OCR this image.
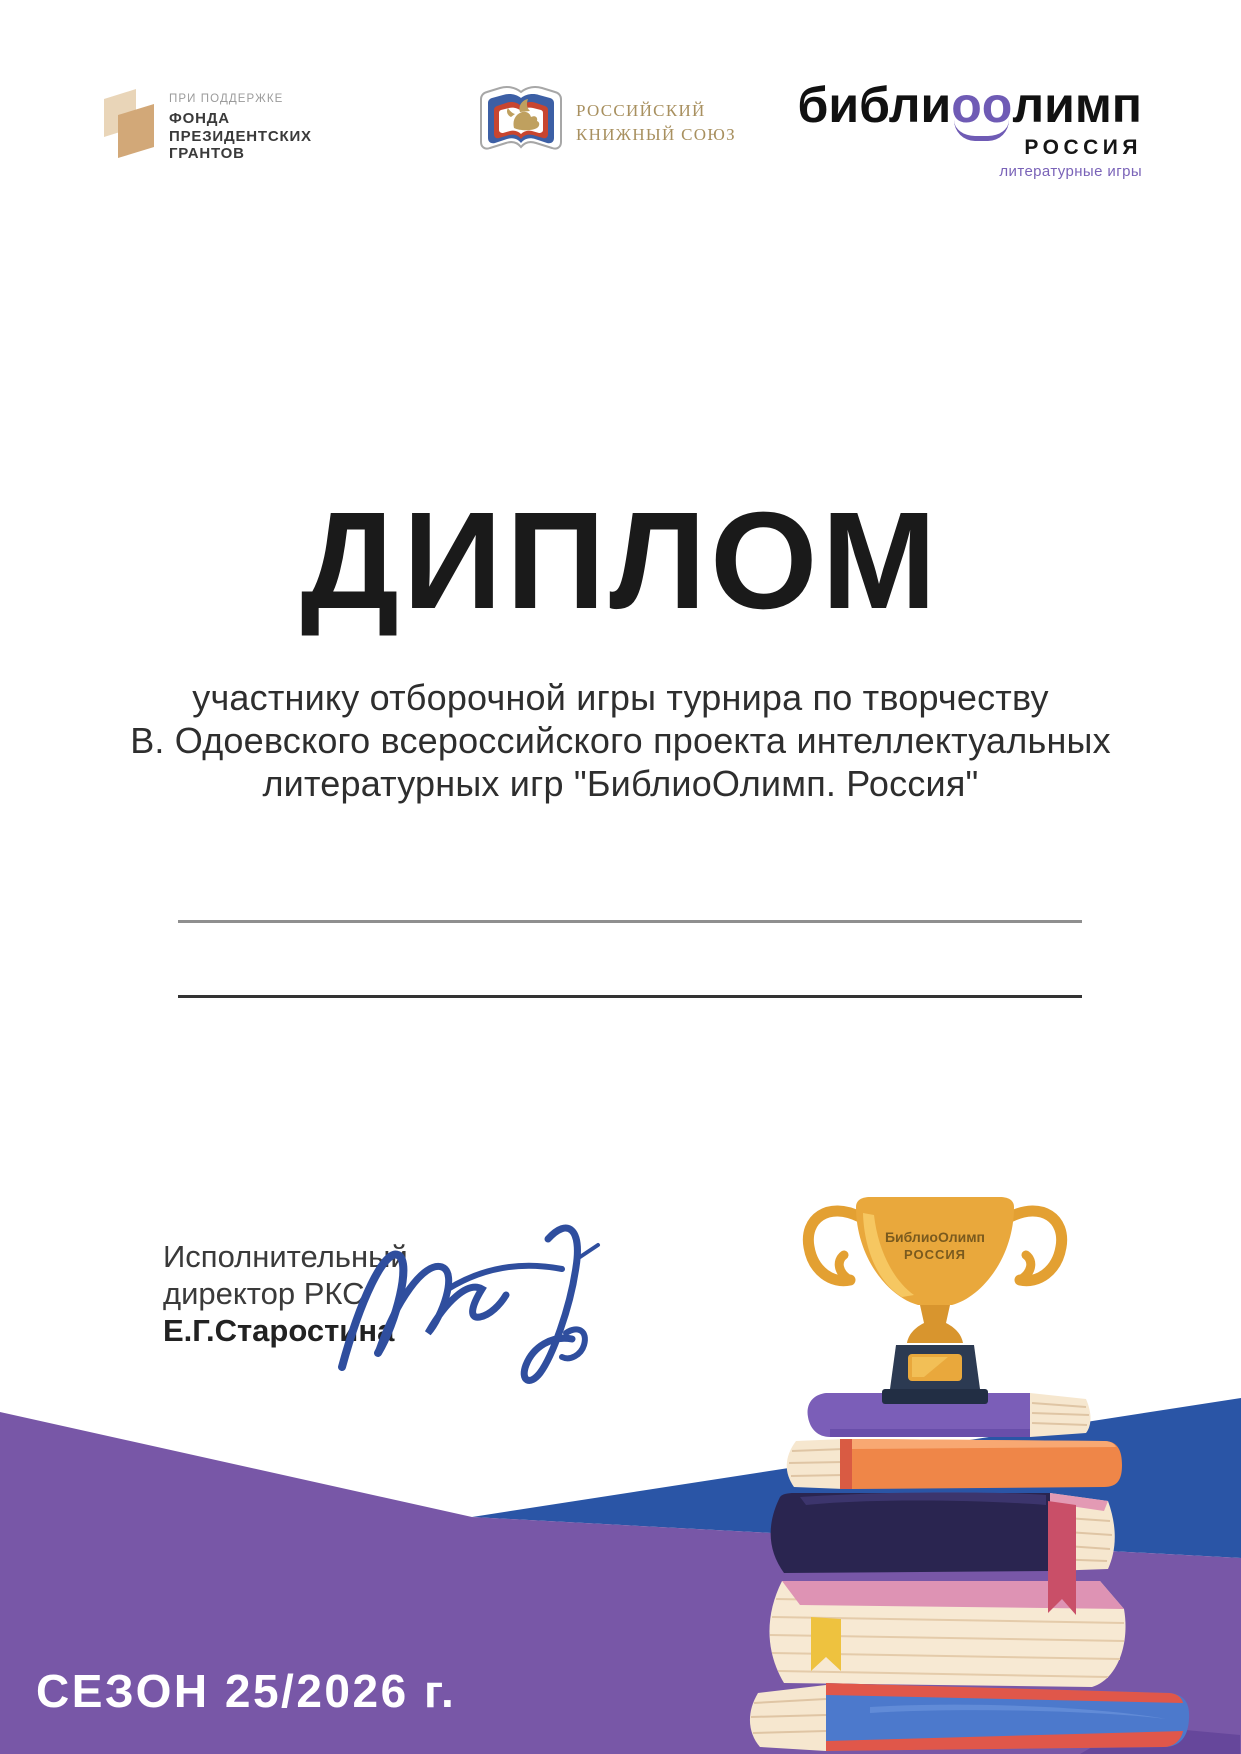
ПРИ ПОДДЕРЖКЕ
ФОНДА
ПРЕЗИДЕНТСКИХ
ГРАНТОВ
РОССИЙСКИЙ
КНИЖНЫЙ СОЮЗ
библи оо лимп
РОССИЯ
литературные игры
ДИПЛОМ
участнику отборочной игры турнира по творчеству
В. Одоевского всероссийского проекта интеллектуальных
литературных игр "БиблиоОлимп. Россия"
Исполнительный
директор РКС
Е.Г.Старостина
БиблиоОлимп
РОССИЯ
СЕЗОН 25/2026 г.
